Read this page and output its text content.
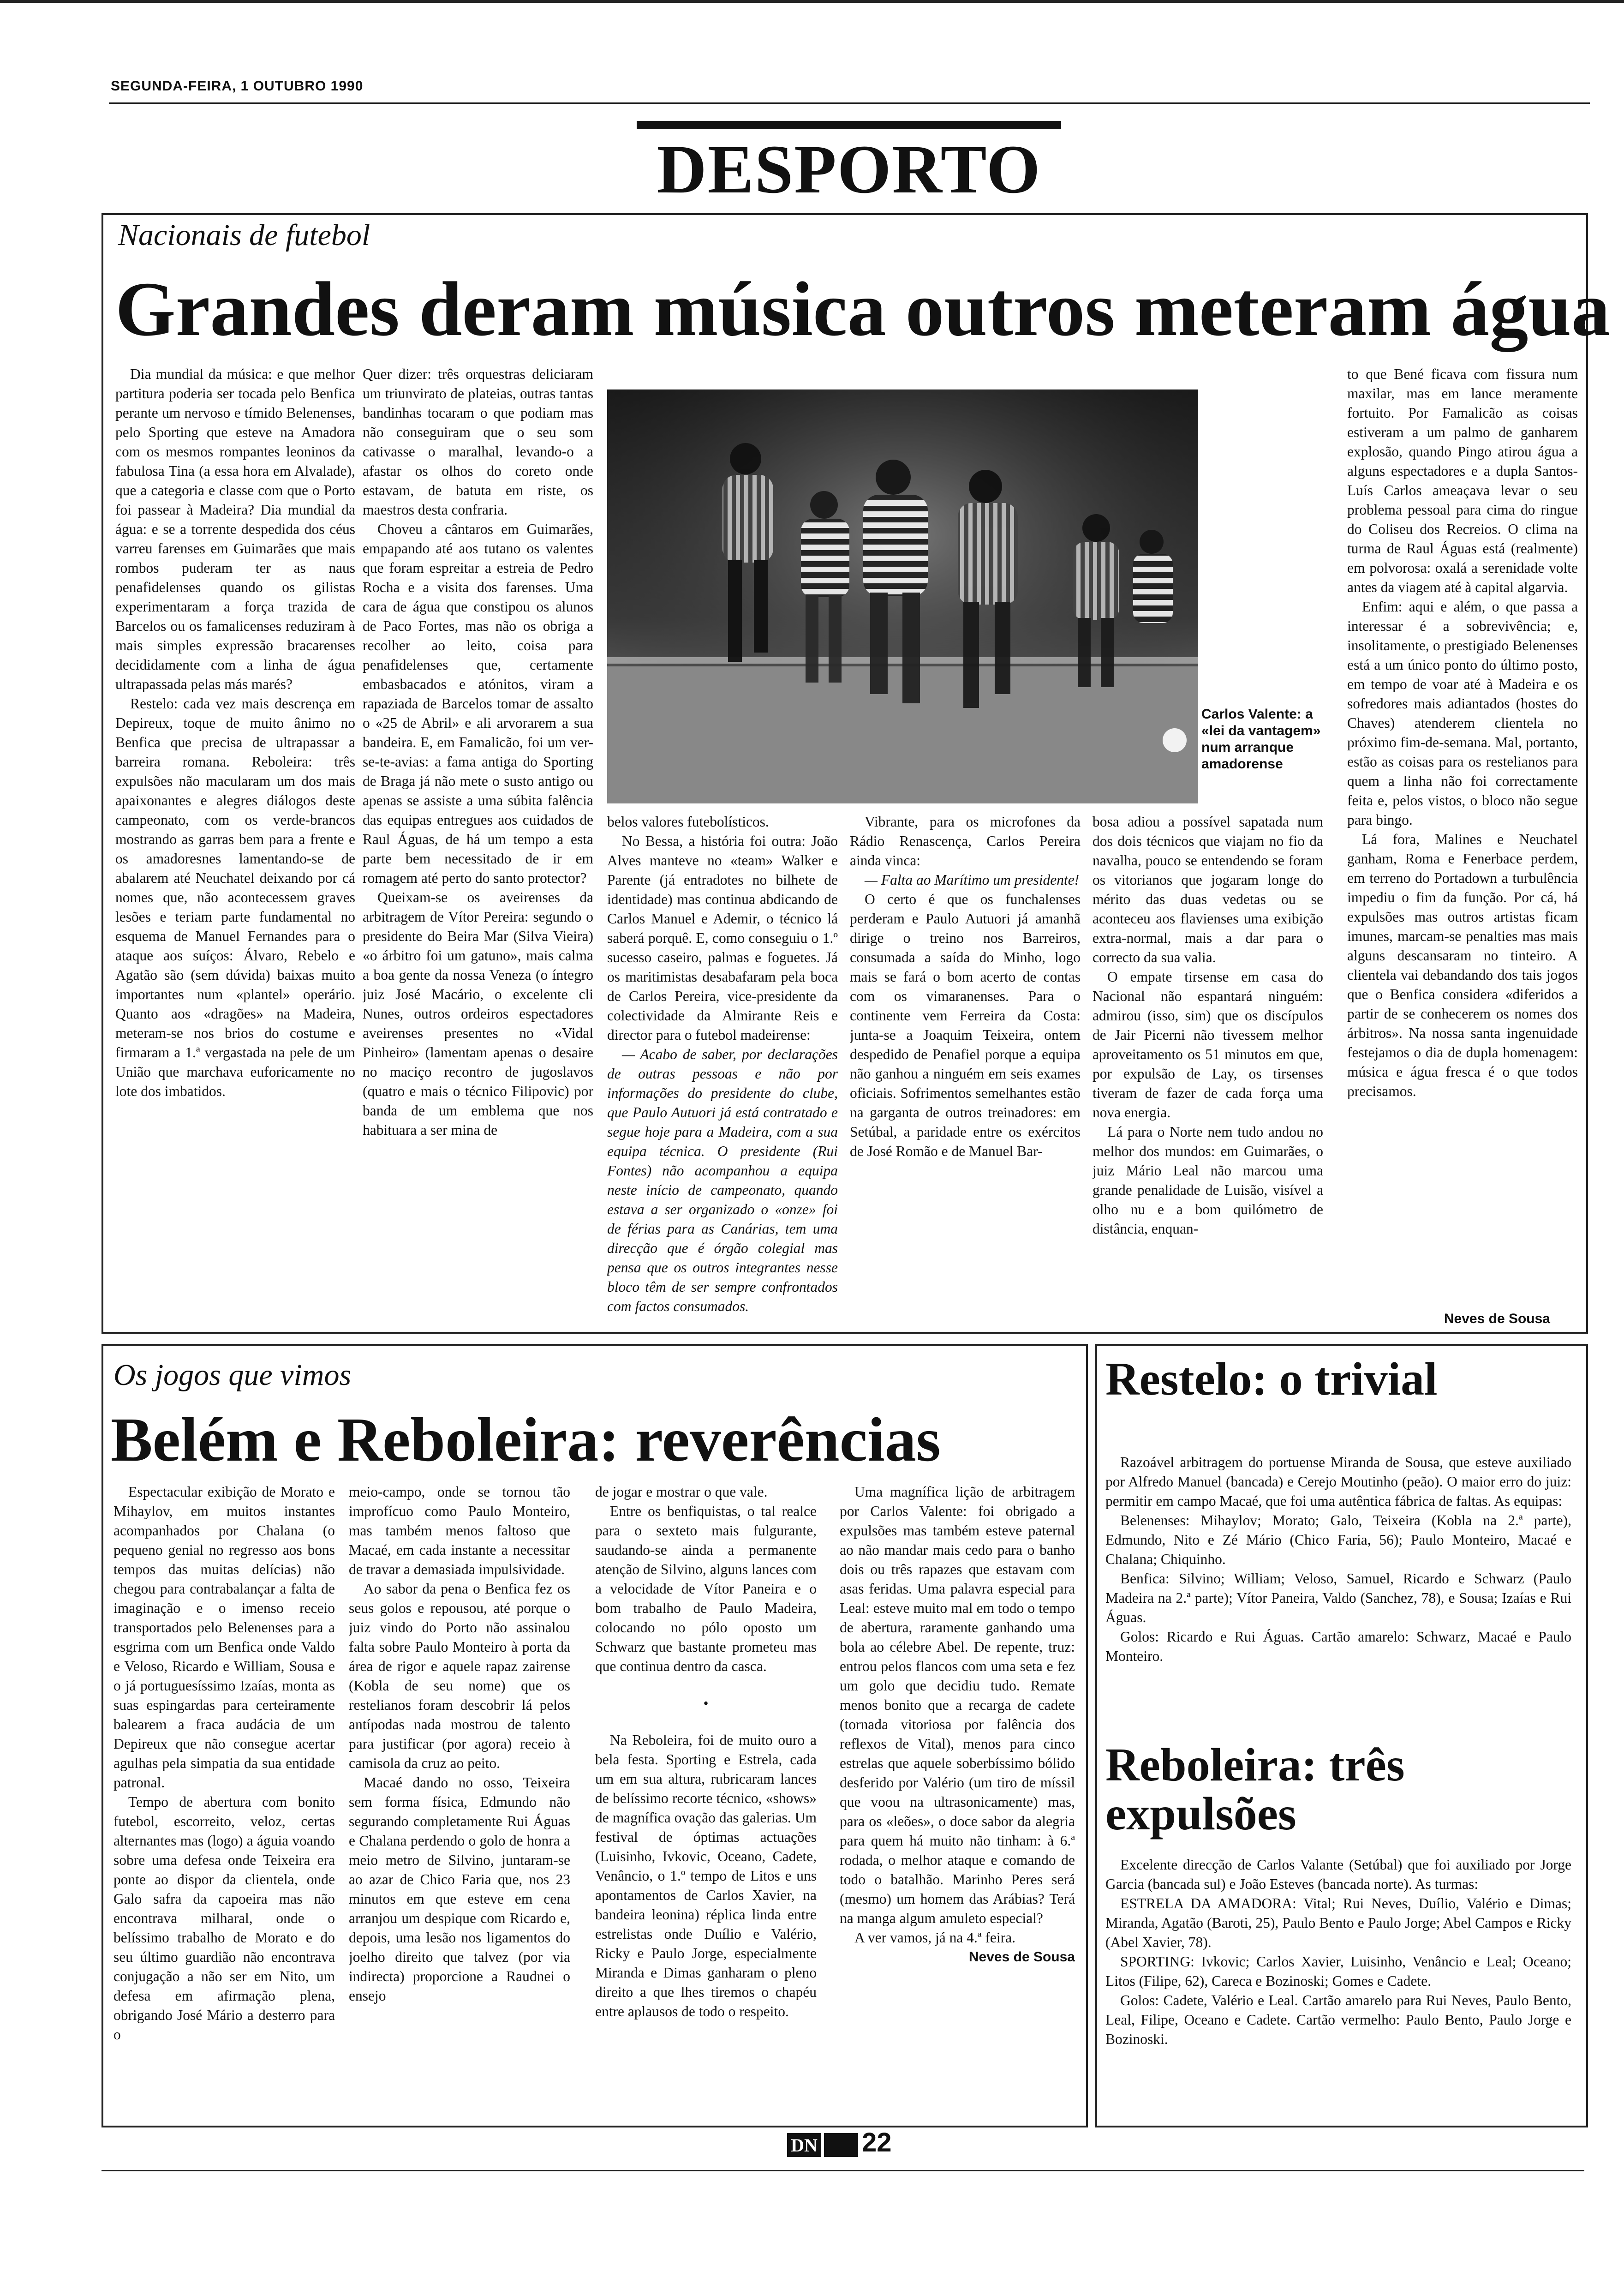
SEGUNDA-FEIRA, 1 OUTUBRO 1990
DESPORTO
Nacionais de futebol
Grandes deram música outros meteram água

Dia mundial da música: e que melhor partitura poderia ser tocada pelo Benfica perante um nervoso e tímido Belenenses, pelo Sporting que esteve na Amadora com os mesmos rompantes leoninos da fabulosa Tina (a essa hora em Alvalade), que a categoria e classe com que o Porto foi passear à Madeira? Dia mundial da água: e se a torrente despedida dos céus varreu farenses em Guimarães que mais rombos puderam ter as naus penafidelenses quando os gilistas experimentaram a força trazida de Barcelos ou os famalicenses reduziram à mais simples expressão bracarenses decididamente com a linha de água ultrapassada pelas más marés?

Restelo: cada vez mais descrença em Depireux, toque de muito ânimo no Benfica que precisa de ultrapassar a barreira romana. Reboleira: três expulsões não macularam um dos mais apaixonantes e alegres diálogos deste campeonato, com os verde-brancos mostrando as garras bem para a frente e os amadoresnes lamentando-se de abalarem até Neuchatel deixando por cá nomes que, não acontecessem graves lesões e teriam parte fundamental no esquema de Manuel Fernandes para o ataque aos suíços: Álvaro, Rebelo e Agatão são (sem dúvida) baixas muito importantes num «plantel» operário. Quanto aos «dragões» na Madeira, meteram-se nos brios do costume e firmaram a 1.ª vergastada na pele de um União que marchava euforicamente no lote dos imbatidos.

Quer dizer: três orquestras deliciaram um triunvirato de plateias, outras tantas bandinhas tocaram o que podiam mas não conseguiram que o seu som cativasse o maralhal, levando-o a afastar os olhos do coreto onde estavam, de batuta em riste, os maestros desta confraria.

Choveu a cântaros em Guimarães, empapando até aos tutano os valentes que foram espreitar a estreia de Pedro Rocha e a visita dos farenses. Uma cara de água que constipou os alunos de Paco Fortes, mas não os obriga a recolher ao leito, coisa para penafidelenses que, certamente embasbacados e atónitos, viram a rapaziada de Barcelos tomar de assalto o «25 de Abril» e ali arvorarem a sua bandeira. E, em Famalicão, foi um ver-se-te-avias: a fama antiga do Sporting de Braga já não mete o susto antigo ou apenas se assiste a uma súbita falência das equipas entregues aos cuidados de Raul Águas, de há um tempo a esta parte bem necessitado de ir em romagem até perto do santo protector?

Queixam-se os aveirenses da arbitragem de Vítor Pereira: segundo o presidente do Beira Mar (Silva Vieira) «o árbitro foi um gatuno», mais calma a boa gente da nossa Veneza (o íntegro juiz José Macário, o excelente cli Nunes, outros ordeiros espectadores aveirenses presentes no «Vidal Pinheiro» (lamentam apenas o desaire no maciço recontro de jugoslavos (quatro e mais o técnico Filipovic) por banda de um emblema que nos habituara a ser mina de

Carlos Valente: a «lei da vantagem» num arranque amadorense

belos valores futebolísticos.

No Bessa, a história foi outra: João Alves manteve no «team» Walker e Parente (já entradotes no bilhete de identidade) mas continua abdicando de Carlos Manuel e Ademir, o técnico lá saberá porquê. E, como conseguiu o 1.º sucesso caseiro, palmas e foguetes. Já os maritimistas desabafaram pela boca de Carlos Pereira, vice-presidente da colectividade da Almirante Reis e director para o futebol madeirense:

— Acabo de saber, por declarações de outras pessoas e não por informações do presidente do clube, que Paulo Autuori já está contratado e segue hoje para a Madeira, com a sua equipa técnica. O presidente (Rui Fontes) não acompanhou a equipa neste início de campeonato, quando estava a ser organizado o «onze» foi de férias para as Canárias, tem uma direcção que é órgão colegial mas pensa que os outros integrantes nesse bloco têm de ser sempre confrontados com factos consumados.

Vibrante, para os microfones da Rádio Renascença, Carlos Pereira ainda vinca:

— Falta ao Marítimo um presidente!

O certo é que os funchalenses perderam e Paulo Autuori já amanhã dirige o treino nos Barreiros, consumada a saída do Minho, logo mais se fará o bom acerto de contas com os vimaranenses. Para o continente vem Ferreira da Costa: junta-se a Joaquim Teixeira, ontem despedido de Penafiel porque a equipa não ganhou a ninguém em seis exames oficiais. Sofrimentos semelhantes estão na garganta de outros treinadores: em Setúbal, a paridade entre os exércitos de José Romão e de Manuel Bar-

bosa adiou a possível sapatada num dos dois técnicos que viajam no fio da navalha, pouco se entendendo se foram os vitorianos que jogaram longe do mérito das duas vedetas ou se aconteceu aos flavienses uma exibição extra-normal, mais a dar para o correcto da sua valia.

O empate tirsense em casa do Nacional não espantará ninguém: admirou (isso, sim) que os discípulos de Jair Picerni não tivessem melhor aproveitamento os 51 minutos em que, por expulsão de Lay, os tirsenses tiveram de fazer de cada força uma nova energia.

Lá para o Norte nem tudo andou no melhor dos mundos: em Guimarães, o juiz Mário Leal não marcou uma grande penalidade de Luisão, visível a olho nu e a bom quilómetro de distância, enquan-

to que Bené ficava com fissura num maxilar, mas em lance meramente fortuito. Por Famalicão as coisas estiveram a um palmo de ganharem explosão, quando Pingo atirou água a alguns espectadores e a dupla Santos-Luís Carlos ameaçava levar o seu problema pessoal para cima do ringue do Coliseu dos Recreios. O clima na turma de Raul Águas está (realmente) em polvorosa: oxalá a serenidade volte antes da viagem até à capital algarvia.

Enfim: aqui e além, o que passa a interessar é a sobrevivência; e, insolitamente, o prestigiado Belenenses está a um único ponto do último posto, em tempo de voar até à Madeira e os sofredores mais adiantados (hostes do Chaves) atenderem clientela no próximo fim-de-semana. Mal, portanto, estão as coisas para os restelianos para quem a linha não foi correctamente feita e, pelos vistos, o bloco não segue para bingo.

Lá fora, Malines e Neuchatel ganham, Roma e Fenerbace perdem, em terreno do Portadown a turbulência impediu o fim da função. Por cá, há expulsões mas outros artistas ficam imunes, marcam-se penalties mas mais alguns descansaram no tinteiro. A clientela vai debandando dos tais jogos que o Benfica considera «diferidos a partir de se conhecerem os nomes dos árbitros». Na nossa santa ingenuidade festejamos o dia de dupla homenagem: música e água fresca é o que todos precisamos.

Neves de Sousa
Os jogos que vimos
Belém e Reboleira: reverências

Espectacular exibição de Morato e Mihaylov, em muitos instantes acompanhados por Chalana (o pequeno genial no regresso aos bons tempos das muitas delícias) não chegou para contrabalançar a falta de imaginação e o imenso receio transportados pelo Belenenses para a esgrima com um Benfica onde Valdo e Veloso, Ricardo e William, Sousa e o já portuguesíssimo Izaías, monta as suas espingardas para certeiramente balearem a fraca audácia de um Depireux que não consegue acertar agulhas pela simpatia da sua entidade patronal.

Tempo de abertura com bonito futebol, escorreito, veloz, certas alternantes mas (logo) a águia voando sobre uma defesa onde Teixeira era ponte ao dispor da clientela, onde Galo safra da capoeira mas não encontrava milharal, onde o belíssimo trabalho de Morato e do seu último guardião não encontrava conjugação a não ser em Nito, um defesa em afirmação plena, obrigando José Mário a desterro para o

meio-campo, onde se tornou tão improfícuo como Paulo Monteiro, mas também menos faltoso que Macaé, em cada instante a necessitar de travar a demasiada impulsividade.

Ao sabor da pena o Benfica fez os seus golos e repousou, até porque o juiz vindo do Porto não assinalou falta sobre Paulo Monteiro à porta da área de rigor e aquele rapaz zairense (Kobla de seu nome) que os restelianos foram descobrir lá pelos antípodas nada mostrou de talento para justificar (por agora) receio à camisola da cruz ao peito.

Macaé dando no osso, Teixeira sem forma física, Edmundo não segurando completamente Rui Águas e Chalana perdendo o golo de honra a meio metro de Silvino, juntaram-se ao azar de Chico Faria que, nos 23 minutos em que esteve em cena arranjou um despique com Ricardo e, depois, uma lesão nos ligamentos do joelho direito que talvez (por via indirecta) proporcione a Raudnei o ensejo

de jogar e mostrar o que vale.

Entre os benfiquistas, o tal realce para o sexteto mais fulgurante, saudando-se ainda a permanente atenção de Silvino, alguns lances com a velocidade de Vítor Paneira e o bom trabalho de Paulo Madeira, colocando no pólo oposto um Schwarz que bastante prometeu mas que continua dentro da casca.

•

Na Reboleira, foi de muito ouro a bela festa. Sporting e Estrela, cada um em sua altura, rubricaram lances de belíssimo recorte técnico, «shows» de magnífica ovação das galerias. Um festival de óptimas actuações (Luisinho, Ivkovic, Oceano, Cadete, Venâncio, o 1.º tempo de Litos e uns apontamentos de Carlos Xavier, na bandeira leonina) réplica linda entre estrelistas onde Duílio e Valério, Ricky e Paulo Jorge, especialmente Miranda e Dimas ganharam o pleno direito a que lhes tiremos o chapéu entre aplausos de todo o respeito.

Uma magnífica lição de arbitragem por Carlos Valente: foi obrigado a expulsões mas também esteve paternal ao não mandar mais cedo para o banho dois ou três rapazes que estavam com asas feridas. Uma palavra especial para Leal: esteve muito mal em todo o tempo de abertura, raramente ganhando uma bola ao célebre Abel. De repente, truz: entrou pelos flancos com uma seta e fez um golo que decidiu tudo. Remate menos bonito que a recarga de cadete (tornada vitoriosa por falência dos reflexos de Vital), menos para cinco estrelas que aquele soberbíssimo bólido desferido por Valério (um tiro de míssil que voou na ultrasonicamente) mas, para os «leões», o doce sabor da alegria para quem há muito não tinham: à 6.ª rodada, o melhor ataque e comando de todo o batalhão. Marinho Peres será (mesmo) um homem das Arábias? Terá na manga algum amuleto especial?

A ver vamos, já na 4.ª feira.

Neves de Sousa

Restelo: o trivial

Razoável arbitragem do portuense Miranda de Sousa, que esteve auxiliado por Alfredo Manuel (bancada) e Cerejo Moutinho (peão). O maior erro do juiz: permitir em campo Macaé, que foi uma autêntica fábrica de faltas. As equipas:

Belenenses: Mihaylov; Morato; Galo, Teixeira (Kobla na 2.ª parte), Edmundo, Nito e Zé Mário (Chico Faria, 56); Paulo Monteiro, Macaé e Chalana; Chiquinho.

Benfica: Silvino; William; Veloso, Samuel, Ricardo e Schwarz (Paulo Madeira na 2.ª parte); Vítor Paneira, Valdo (Sanchez, 78), e Sousa; Izaías e Rui Águas.

Golos: Ricardo e Rui Águas. Cartão amarelo: Schwarz, Macaé e Paulo Monteiro.

Reboleira: três expulsões

Excelente direcção de Carlos Valante (Setúbal) que foi auxiliado por Jorge Garcia (bancada sul) e João Esteves (bancada norte). As turmas:

ESTRELA DA AMADORA: Vital; Rui Neves, Duílio, Valério e Dimas; Miranda, Agatão (Baroti, 25), Paulo Bento e Paulo Jorge; Abel Campos e Ricky (Abel Xavier, 78).

SPORTING: Ivkovic; Carlos Xavier, Luisinho, Venâncio e Leal; Oceano; Litos (Filipe, 62), Careca e Bozinoski; Gomes e Cadete.

Golos: Cadete, Valério e Leal. Cartão amarelo para Rui Neves, Paulo Bento, Leal, Filipe, Oceano e Cadete. Cartão vermelho: Paulo Bento, Paulo Jorge e Bozinoski.

DN 22
